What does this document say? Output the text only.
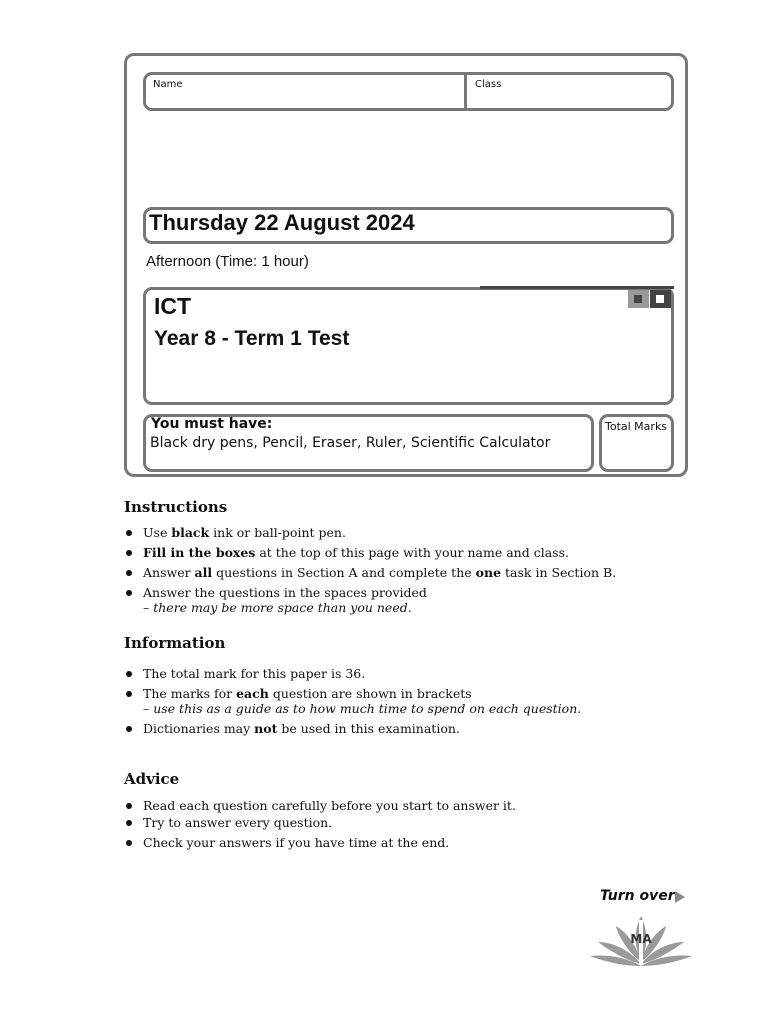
Name	Class
Thursday 22 August 2024
Afternoon (Time: 1 hour)
ICT
Year 8 - Term 1 Test
You must have:
Black dry pens, Pencil, Eraser, Ruler, Scientific Calculator
Total Marks
Instructions
Use black ink or ball-point pen.
Fill in the boxes at the top of this page with your name and class.
Answer all questions in Section A and complete the one task in Section B.
Answer the questions in the spaces provided
– there may be more space than you need.
Information
The total mark for this paper is 36.
The marks for each question are shown in brackets
– use this as a guide as to how much time to spend on each question.
Dictionaries may not be used in this examination.
Advice
Read each question carefully before you start to answer it.
Try to answer every question.
Check your answers if you have time at the end.
Turn over
MA
